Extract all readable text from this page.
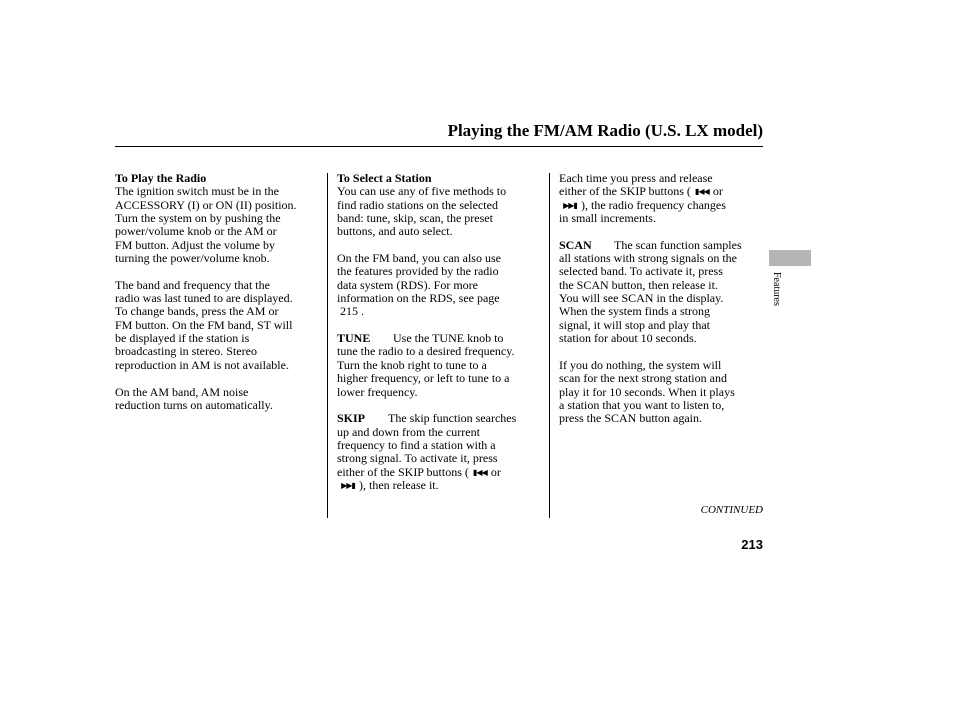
Playing the FM/AM Radio (U.S. LX model)

To Play the Radio

The ignition switch must be in the

ACCESSORY (I) or ON (II) position.

Turn the system on by pushing the

power/volume knob or the AM or

FM button. Adjust the volume by

turning the power/volume knob.

The band and frequency that the

radio was last tuned to are displayed.

To change bands, press the AM or

FM button. On the FM band, ST will

be displayed if the station is

broadcasting in stereo. Stereo

reproduction in AM is not available.

On the AM band, AM noise

reduction turns on automatically.

To Select a Station

You can use any of five methods to

find radio stations on the selected

band: tune, skip, scan, the preset

buttons, and auto select.

On the FM band, you can also use

the features provided by the radio

data system (RDS). For more

information on the RDS, see page

215 .

TUNE Use the TUNE knob to

tune the radio to a desired frequency.

Turn the knob right to tune to a

higher frequency, or left to tune to a

lower frequency.

SKIP The skip function searches

up and down from the current

frequency to find a station with a

strong signal. To activate it, press

either of the SKIP buttons ( ▮◀◀ or

▶▶▮ ), then release it.

Each time you press and release

either of the SKIP buttons ( ▮◀◀ or

▶▶▮ ), the radio frequency changes

in small increments.

SCAN The scan function samples

all stations with strong signals on the

selected band. To activate it, press

the SCAN button, then release it.

You will see SCAN in the display.

When the system finds a strong

signal, it will stop and play that

station for about 10 seconds.

If you do nothing, the system will

scan for the next strong station and

play it for 10 seconds. When it plays

a station that you want to listen to,

press the SCAN button again.

Features
CONTINUED
213
